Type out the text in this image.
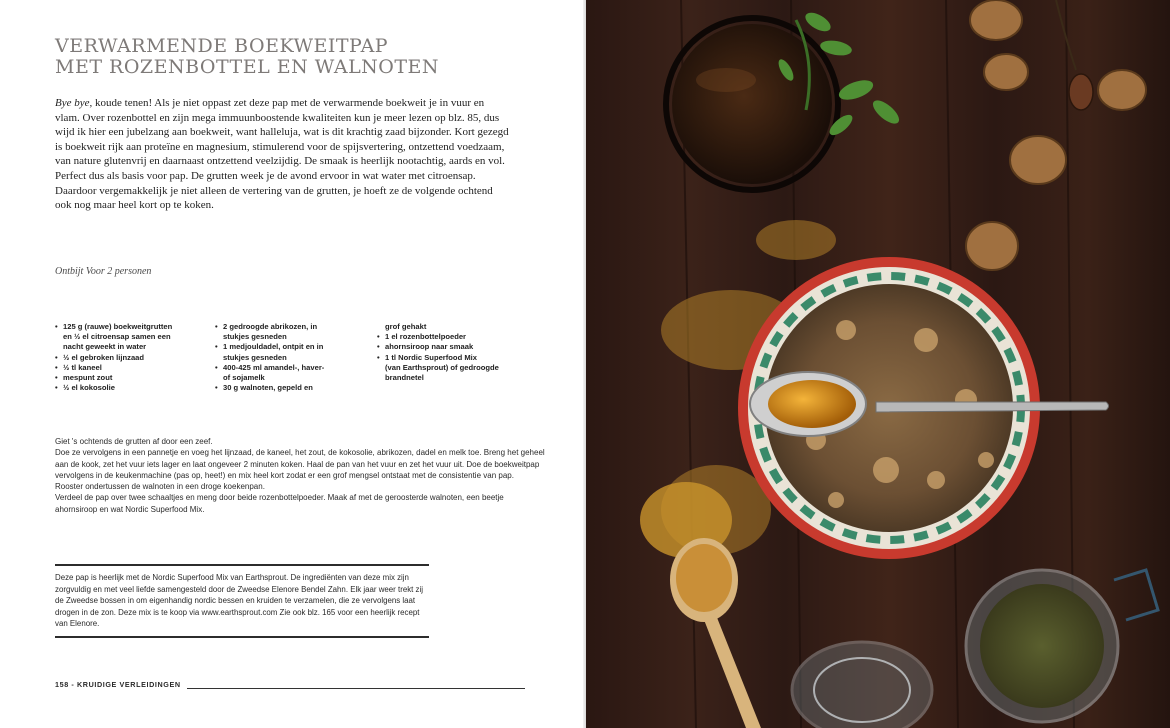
VERWARMENDE BOEKWEITPAP
MET ROZENBOTTEL EN WALNOTEN

Bye bye, koude tenen! Als je niet oppast zet deze pap met de verwarmende boekweit je in vuur en vlam. Over rozenbottel en zijn mega immuunboostende kwaliteiten kun je meer lezen op blz. 85, dus wijd ik hier een jubelzang aan boekweit, want halleluja, wat is dit krachtig zaad bijzonder. Kort gezegd is boekweit rijk aan proteïne en magnesium, stimulerend voor de spijsvertering, ontzettend voedzaam, van nature glutenvrij en daarnaast ontzettend veelzijdig. De smaak is heerlijk nootachtig, aards en vol. Perfect dus als basis voor pap. De grutten week je de avond ervoor in wat water met citroensap. Daardoor vergemakkelijk je niet alleen de vertering van de grutten, je hoeft ze de volgende ochtend ook nog maar heel kort op te koken.

Ontbijt Voor 2 personen
• 125 g (rauwe) boekweitgrutten
en ½ el citroensap samen een
nacht geweekt in water
• ½ el gebroken lijnzaad
• ½ tl kaneel
• mespunt zout
• ½ el kokosolie
• 2 gedroogde abrikozen, in
stukjes gesneden
• 1 medjouldadel, ontpit en in
stukjes gesneden
• 400-425 ml amandel-, haver-
of sojamelk
• 30 g walnoten, gepeld en
grof gehakt
• 1 el rozenbottelpoeder
• ahornsiroop naar smaak
• 1 tl Nordic Superfood Mix
(van Earthsprout) of gedroogde
brandnetel

Giet 's ochtends de grutten af door een zeef.

Doe ze vervolgens in een pannetje en voeg het lijnzaad, de kaneel, het zout, de kokosolie, abrikozen, dadel en melk toe. Breng het geheel aan de kook, zet het vuur iets lager en laat ongeveer 2 minuten koken. Haal de pan van het vuur en zet het vuur uit. Doe de boekweitpap vervolgens in de keukenmachine (pas op, heet!) en mix heel kort zodat er een grof mengsel ontstaat met de consistentie van pap.

Rooster ondertussen de walnoten in een droge koekenpan.

Verdeel de pap over twee schaaltjes en meng door beide rozenbottelpoeder. Maak af met de geroosterde walnoten, een beetje ahornsiroop en wat Nordic Superfood Mix.

Deze pap is heerlijk met de Nordic Superfood Mix van Earthsprout. De ingrediënten van deze mix zijn zorgvuldig en met veel liefde samengesteld door de Zweedse Elenore Bendel Zahn. Elk jaar weer trekt zij de Zweedse bossen in om eigenhandig nordic bessen en kruiden te verzamelen, die ze vervolgens laat drogen in de zon. Deze mix is te koop via www.earthsprout.com Zie ook blz. 165 voor een heerlijk recept van Elenore.
158 - KRUIDIGE VERLEIDINGEN
